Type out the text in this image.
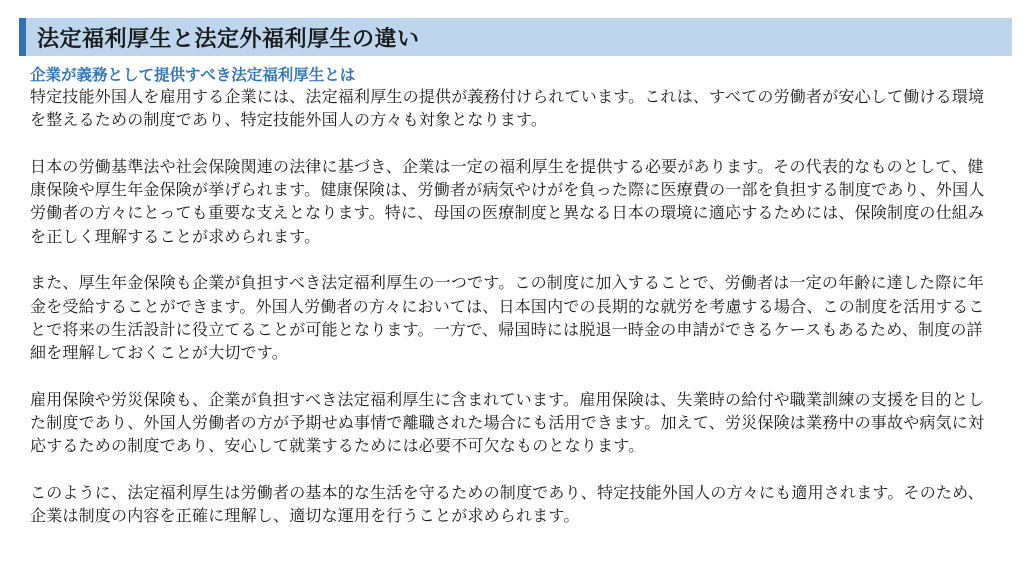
法定福利厚生と法定外福利厚生の違い
企業が義務として提供すべき法定福利厚生とは

特定技能外国人を雇用する企業には、法定福利厚生の提供が義務付けられています。これは、すべての労働者が安心して働ける環境を整えるための制度であり、特定技能外国人の方々も対象となります。

日本の労働基準法や社会保険関連の法律に基づき、企業は一定の福利厚生を提供する必要があります。その代表的なものとして、健康保険や厚生年金保険が挙げられます。健康保険は、労働者が病気やけがを負った際に医療費の一部を負担する制度であり、外国人労働者の方々にとっても重要な支えとなります。特に、母国の医療制度と異なる日本の環境に適応するためには、保険制度の仕組みを正しく理解することが求められます。

また、厚生年金保険も企業が負担すべき法定福利厚生の一つです。この制度に加入することで、労働者は一定の年齢に達した際に年金を受給することができます。外国人労働者の方々においては、日本国内での長期的な就労を考慮する場合、この制度を活用することで将来の生活設計に役立てることが可能となります。一方で、帰国時には脱退一時金の申請ができるケースもあるため、制度の詳細を理解しておくことが大切です。

雇用保険や労災保険も、企業が負担すべき法定福利厚生に含まれています。雇用保険は、失業時の給付や職業訓練の支援を目的とした制度であり、外国人労働者の方が予期せぬ事情で離職された場合にも活用できます。加えて、労災保険は業務中の事故や病気に対応するための制度であり、安心して就業するためには必要不可欠なものとなります。

このように、法定福利厚生は労働者の基本的な生活を守るための制度であり、特定技能外国人の方々にも適用されます。そのため、企業は制度の内容を正確に理解し、適切な運用を行うことが求められます。
